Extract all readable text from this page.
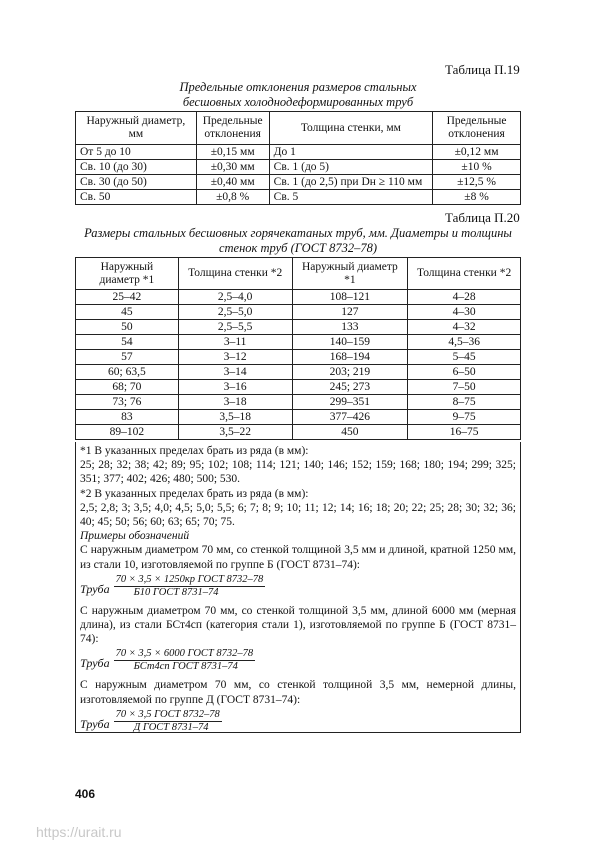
Таблица П.19
Предельные отклонения размеров стальных
бесшовных холоднодеформированных труб
Наружный диаметр, мм	Предельные отклонения	Толщина стенки, мм	Предельные отклонения
От 5 до 10	±0,15 мм	До 1	±0,12 мм
Св. 10 (до 30)	±0,30 мм	Св. 1 (до 5)	±10 %
Св. 30 (до 50)	±0,40 мм	Св. 1 (до 2,5) при Dн ≥ 110 мм	±12,5 %
Св. 50	±0,8 %	Св. 5	±8 %
Таблица П.20
Размеры стальных бесшовных горячекатаных труб, мм. Диаметры и толщины
стенок труб (ГОСТ 8732–78)
Наружный диаметр *1	Толщина стенки *2	Наружный диаметр *1	Толщина стенки *2
25–42	2,5–4,0	108–121	4–28
45	2,5–5,0	127	4–30
50	2,5–5,5	133	4–32
54	3–11	140–159	4,5–36
57	3–12	168–194	5–45
60; 63,5	3–14	203; 219	6–50
68; 70	3–16	245; 273	7–50
73; 76	3–18	299–351	8–75
83	3,5–18	377–426	9–75
89–102	3,5–22	450	16–75

*1 В указанных пределах брать из ряда (в мм):

25; 28; 32; 38; 42; 89; 95; 102; 108; 114; 121; 140; 146; 152; 159; 168; 180; 194; 299; 325; 351; 377; 402; 426; 480; 500; 530.

*2 В указанных пределах брать из ряда (в мм):

2,5; 2,8; 3; 3,5; 4,0; 4,5; 5,0; 5,5; 6; 7; 8; 9; 10; 11; 12; 14; 16; 18; 20; 22; 25; 28; 30; 32; 36; 40; 45; 50; 56; 60; 63; 65; 70; 75.

Примеры обозначений

С наружным диаметром 70 мм, со стенкой толщиной 3,5 мм и длиной, кратной 1250 мм, из стали 10, изготовляемой по группе Б (ГОСТ 8731–74):

Труба $\frac{\text{70 × 3,5 × 1250кр ГОСТ 8732–78}}{\text{Б10 ГОСТ 8731–74}}$

С наружным диаметром 70 мм, со стенкой толщиной 3,5 мм, длиной 6000 мм (мерная длина), из стали БСт4сп (категория стали 1), изготовляемой по группе Б (ГОСТ 8731–74):

Труба $\frac{\text{70 × 3,5 × 6000 ГОСТ 8732–78}}{\text{БСт4сп ГОСТ 8731–74}}$

С наружным диаметром 70 мм, со стенкой толщиной 3,5 мм, немерной длины, изготовляемой по группе Д (ГОСТ 8731–74):

Труба $\frac{\text{70 × 3,5 ГОСТ 8732–78}}{\text{Д ГОСТ 8731–74}}$
406
https://urait.ru
